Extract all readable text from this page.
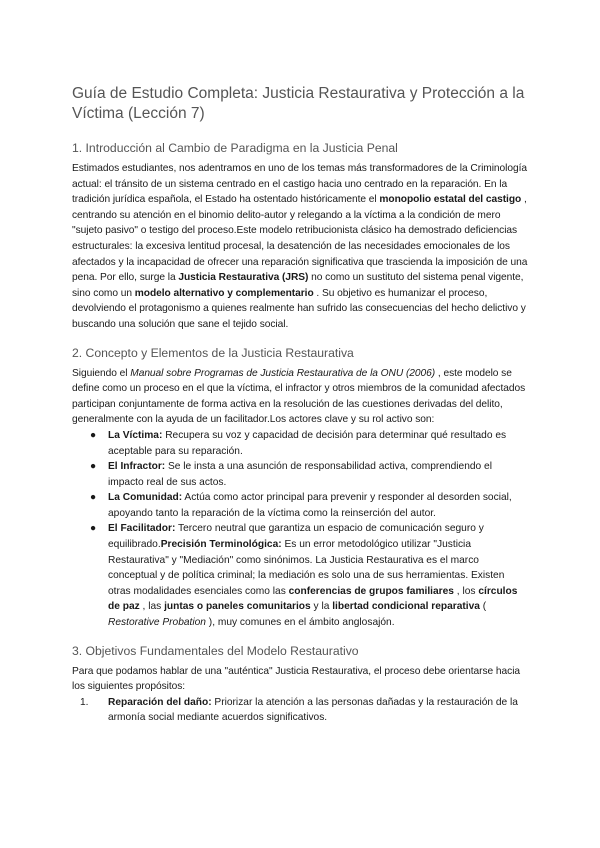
Guía de Estudio Completa: Justicia Restaurativa y Protección a la Víctima (Lección 7)
1. Introducción al Cambio de Paradigma en la Justicia Penal

Estimados estudiantes, nos adentramos en uno de los temas más transformadores de la Criminología actual: el tránsito de un sistema centrado en el castigo hacia uno centrado en la reparación. En la tradición jurídica española, el Estado ha ostentado históricamente el monopolio estatal del castigo , centrando su atención en el binomio delito-autor y relegando a la víctima a la condición de mero "sujeto pasivo" o testigo del proceso.Este modelo retribucionista clásico ha demostrado deficiencias estructurales: la excesiva lentitud procesal, la desatención de las necesidades emocionales de los afectados y la incapacidad de ofrecer una reparación significativa que trascienda la imposición de una pena. Por ello, surge la Justicia Restaurativa (JRS) no como un sustituto del sistema penal vigente, sino como un modelo alternativo y complementario . Su objetivo es humanizar el proceso, devolviendo el protagonismo a quienes realmente han sufrido las consecuencias del hecho delictivo y buscando una solución que sane el tejido social.

2. Concepto y Elementos de la Justicia Restaurativa

Siguiendo el Manual sobre Programas de Justicia Restaurativa de la ONU (2006) , este modelo se define como un proceso en el que la víctima, el infractor y otros miembros de la comunidad afectados participan conjuntamente de forma activa en la resolución de las cuestiones derivadas del delito, generalmente con la ayuda de un facilitador.Los actores clave y su rol activo son:

● La Víctima: Recupera su voz y capacidad de decisión para determinar qué resultado es aceptable para su reparación.
● El Infractor: Se le insta a una asunción de responsabilidad activa, comprendiendo el impacto real de sus actos.
● La Comunidad: Actúa como actor principal para prevenir y responder al desorden social, apoyando tanto la reparación de la víctima como la reinserción del autor.
● El Facilitador: Tercero neutral que garantiza un espacio de comunicación seguro y equilibrado.Precisión Terminológica: Es un error metodológico utilizar "Justicia Restaurativa" y "Mediación" como sinónimos. La Justicia Restaurativa es el marco conceptual y de política criminal; la mediación es solo una de sus herramientas. Existen otras modalidades esenciales como las conferencias de grupos familiares , los círculos de paz , las juntas o paneles comunitarios y la libertad condicional reparativa ( Restorative Probation ), muy comunes en el ámbito anglosajón.
3. Objetivos Fundamentales del Modelo Restaurativo

Para que podamos hablar de una "auténtica" Justicia Restaurativa, el proceso debe orientarse hacia los siguientes propósitos:

1. Reparación del daño: Priorizar la atención a las personas dañadas y la restauración de la armonía social mediante acuerdos significativos.
